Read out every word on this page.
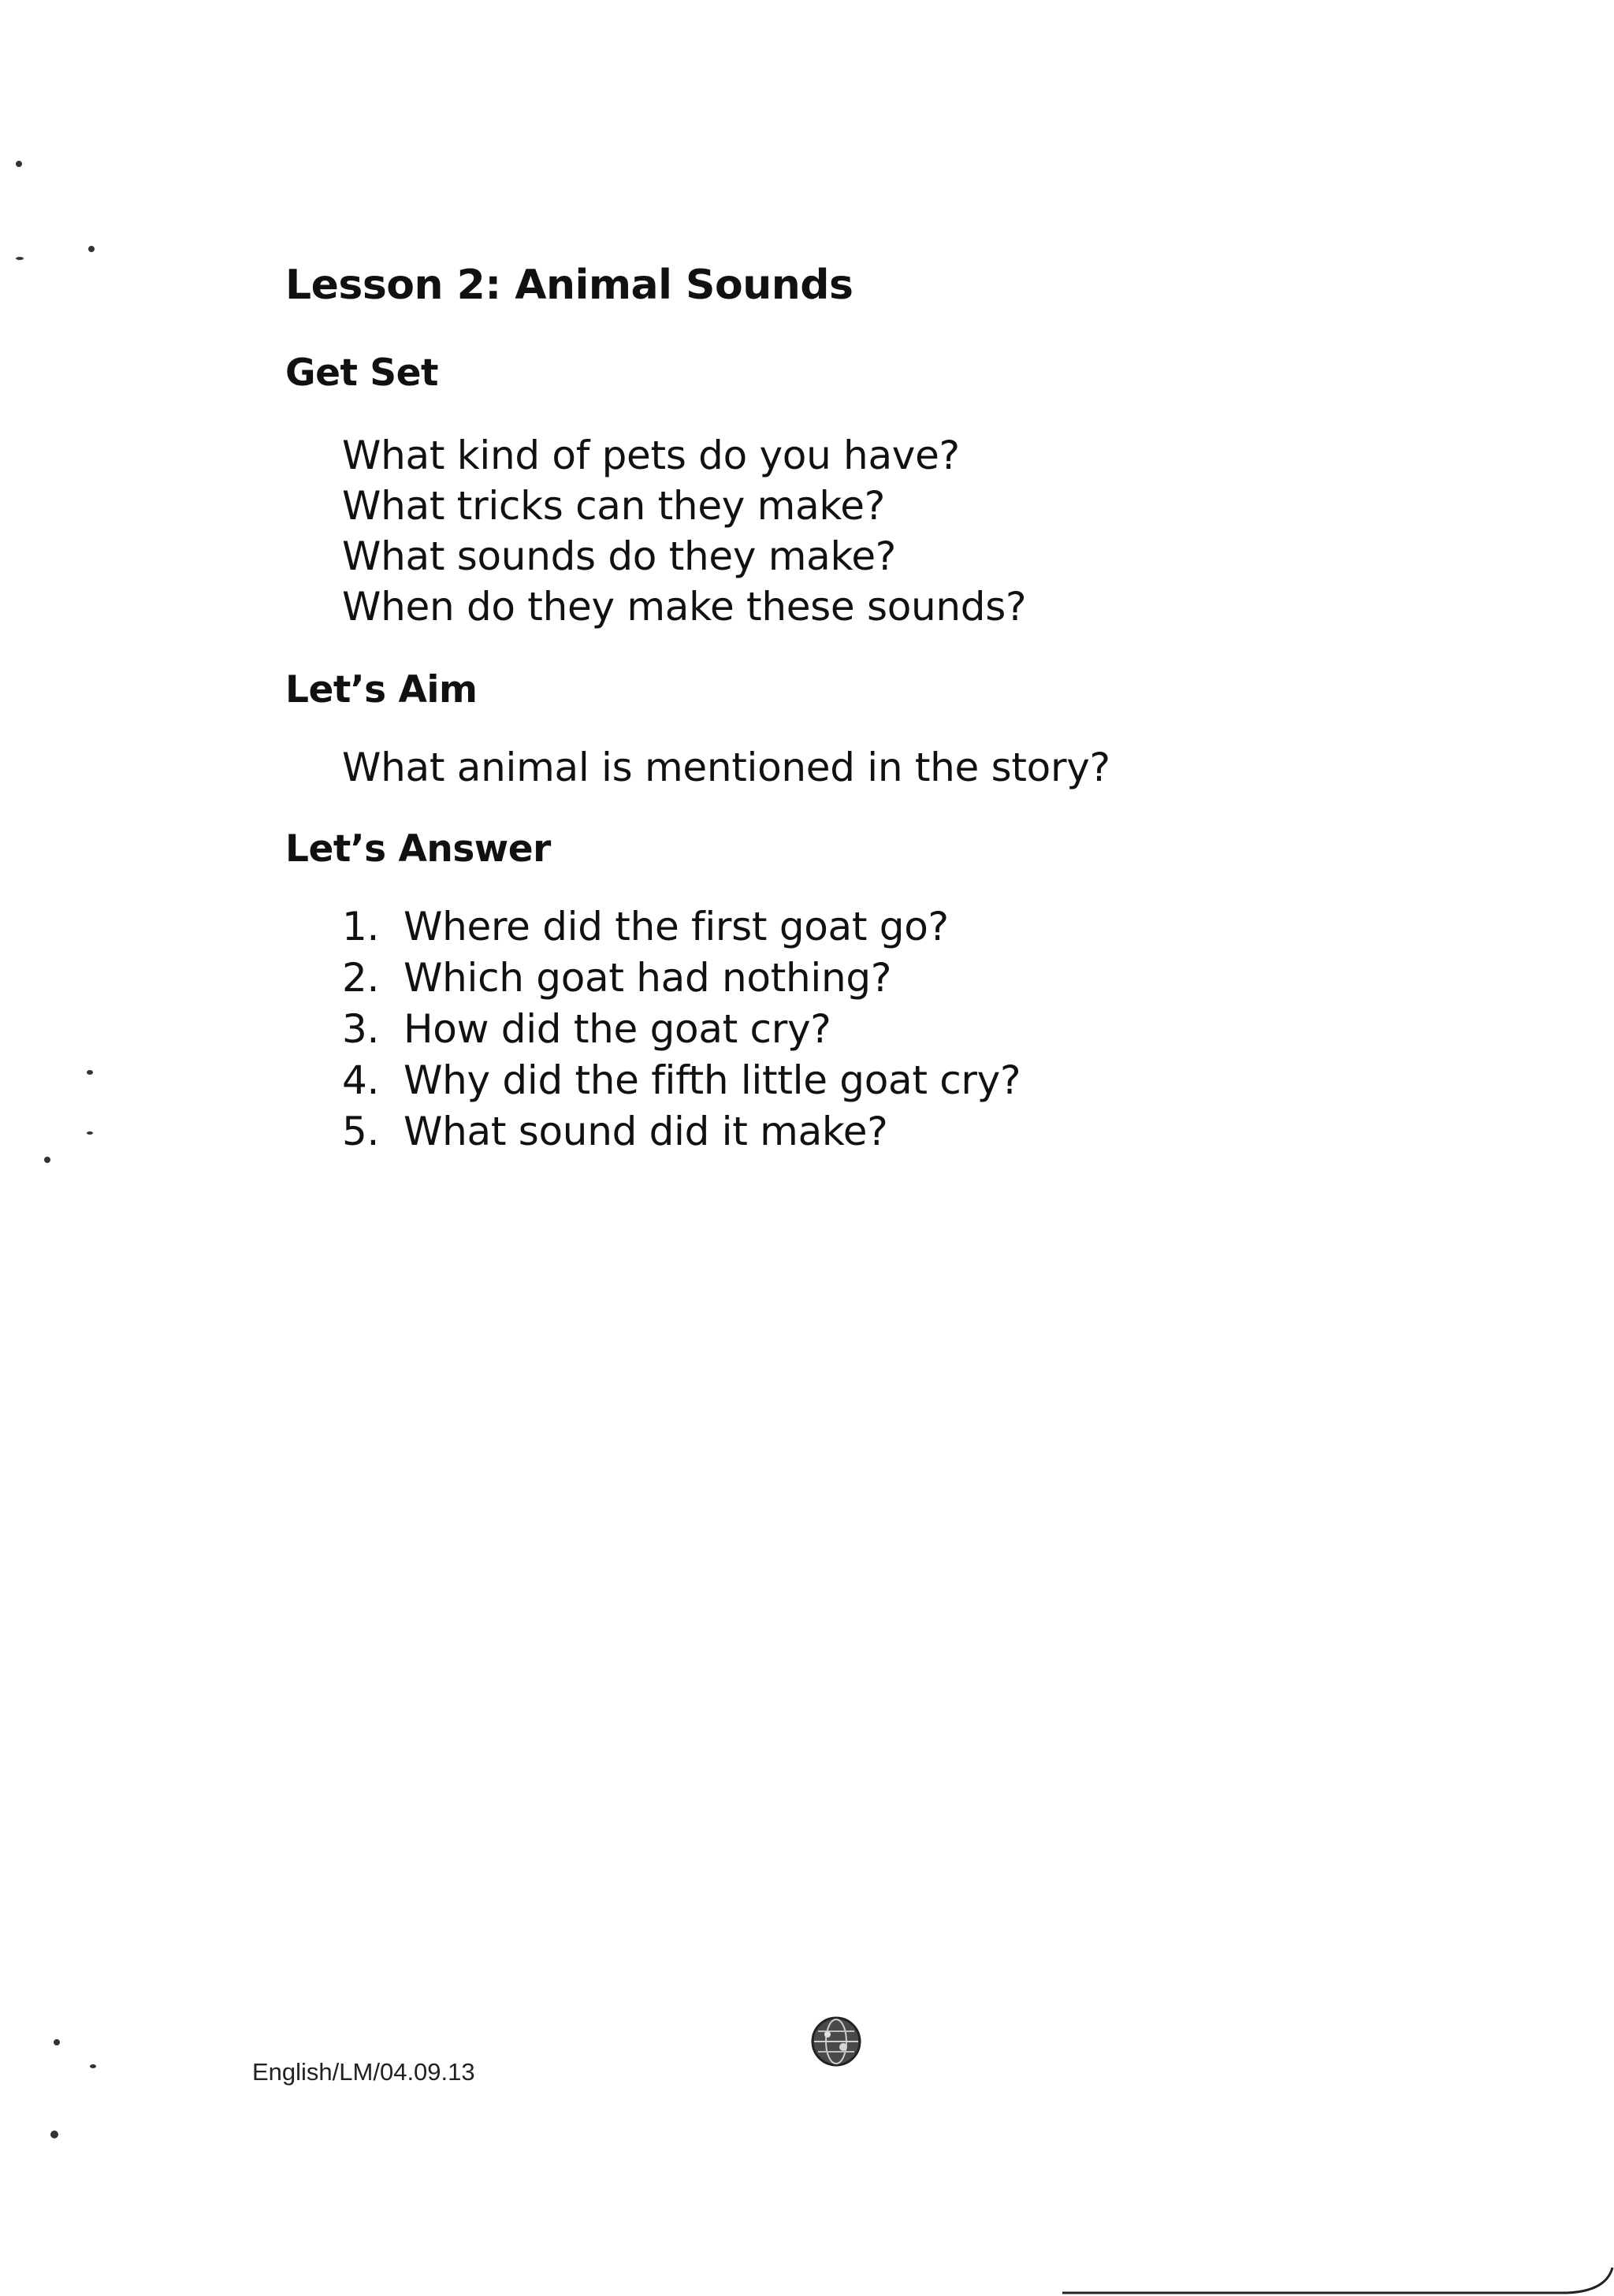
Lesson 2: Animal Sounds
Get Set
What kind of pets do you have?
What tricks can they make?
What sounds do they make?
When do they make these sounds?
Let’s Aim
What animal is mentioned in the story?
Let’s Answer
1. Where did the first goat go?
2. Which goat had nothing?
3. How did the goat cry?
4. Why did the fifth little goat cry?
5. What sound did it make?
English/LM/04.09.13
